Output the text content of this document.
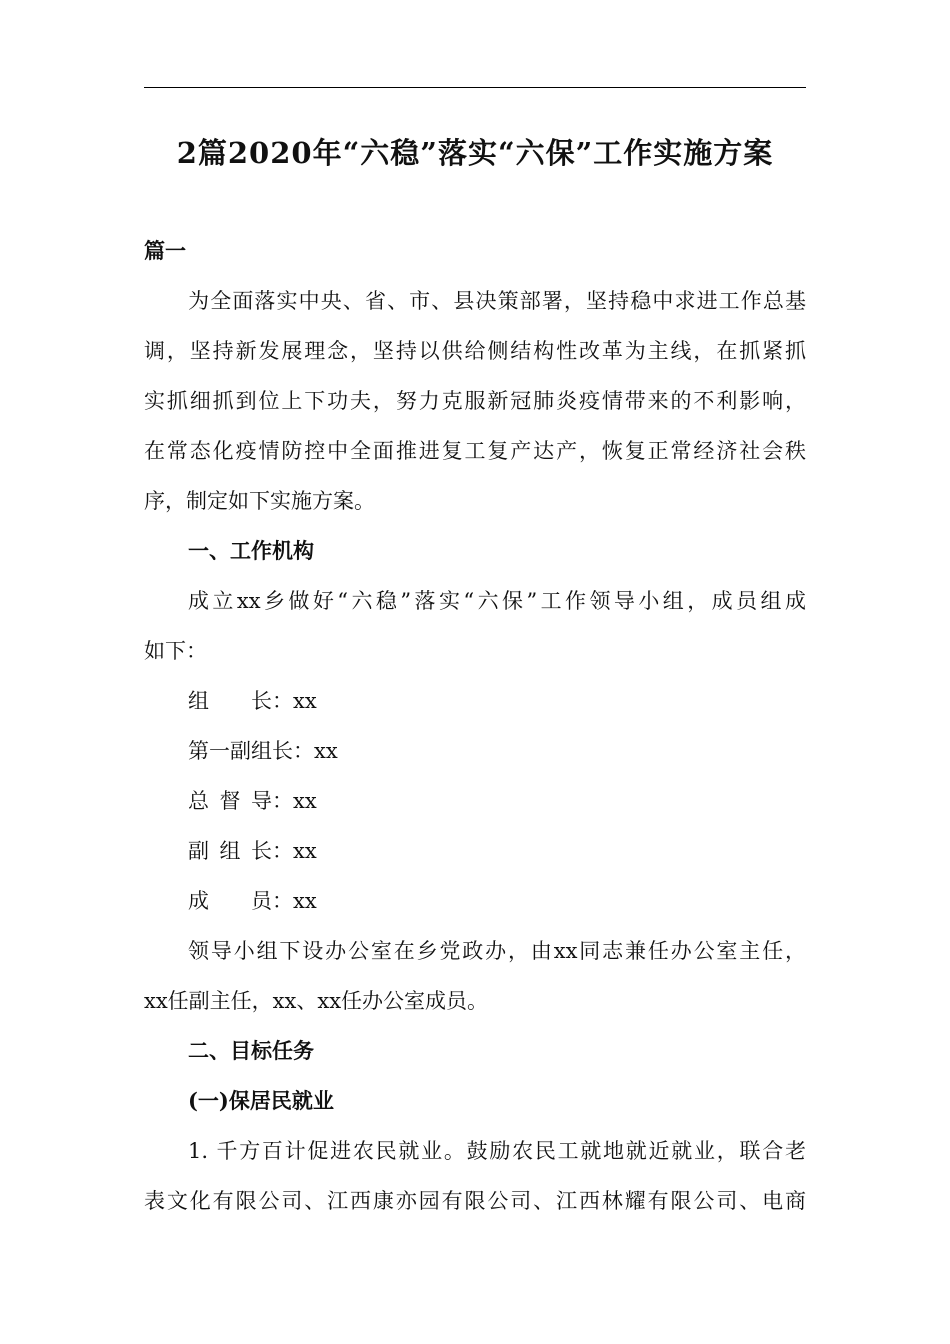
2篇2020年“六稳”落实“六保”工作实施方案
篇一
　为全面落实中央、省、市、县决策部署，坚持稳中求进工作总基
调，坚持新发展理念，坚持以供给侧结构性改革为主线，在抓紧抓
实抓细抓到位上下功夫，努力克服新冠肺炎疫情带来的不利影响，
在常态化疫情防控中全面推进复工复产达产，恢复正常经济社会秩
序，制定如下实施方案。
一、工作机构
成立xx乡做好“六稳”落实“六保”工作领导小组，成员组成
如下：
组长：xx
第一副组长：xx
总督导：xx
副组长：xx
成员：xx
领导小组下设办公室在乡党政办，由xx同志兼任办公室主任，
xx任副主任，xx、xx任办公室成员。
二、目标任务
(一)保居民就业
1. 千方百计促进农民就业。鼓励农民工就地就近就业，联合老
表文化有限公司、江西康亦园有限公司、江西林耀有限公司、电商
